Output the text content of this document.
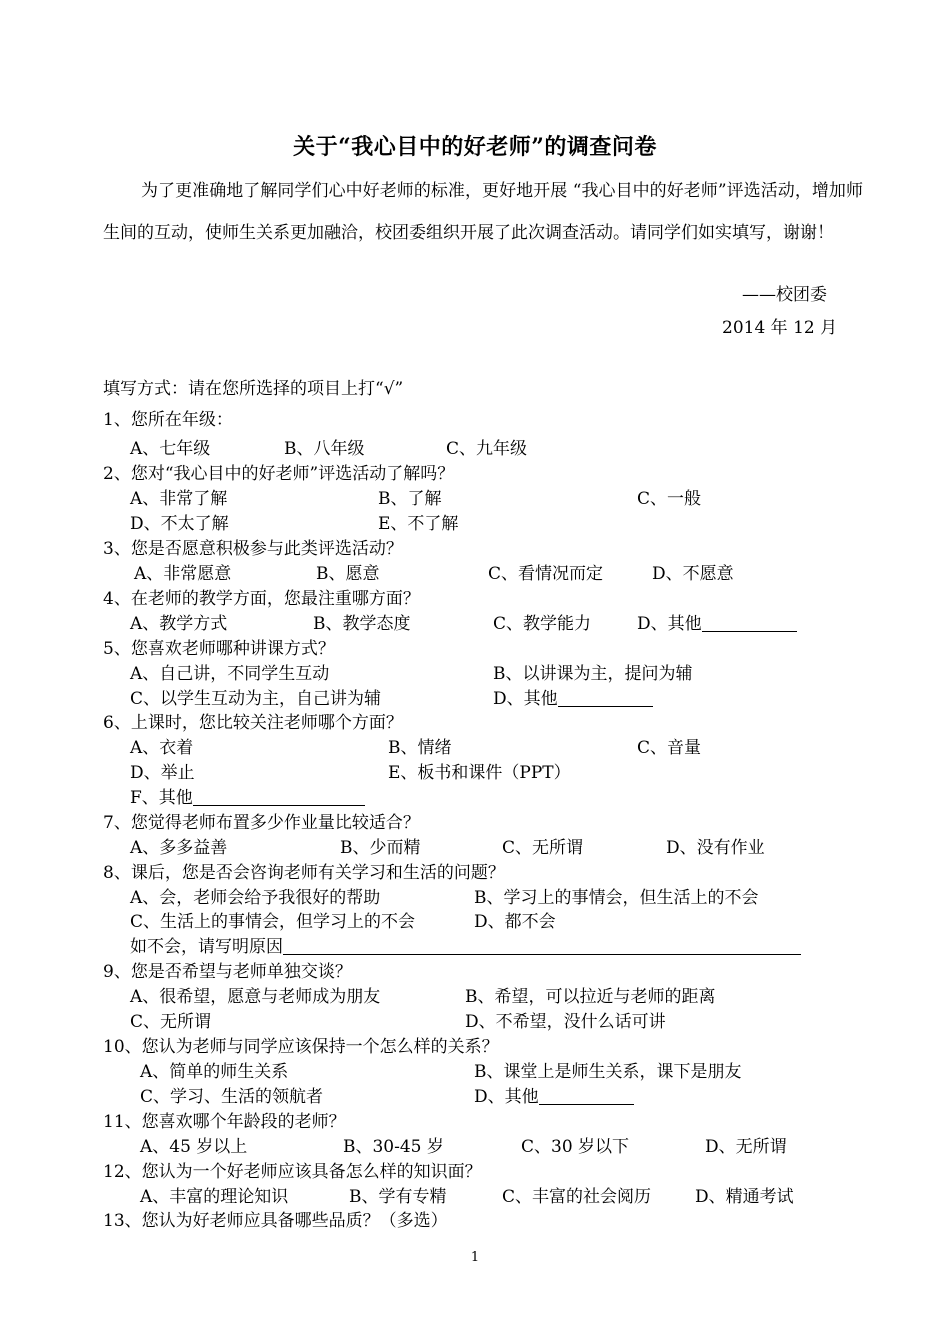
关于“我心目中的好老师”的调查问卷
为了更准确地了解同学们心中好老师的标准，更好地开展 “我心目中的好老师”评选活动，增加师生间的互动，使师生关系更加融洽，校团委组织开展了此次调查活动。请同学们如实填写，谢谢！
——校团委
2014 年 12 月
填写方式：请在您所选择的项目上打“√”
1、您所在年级：
A、七年级	B、八年级	C、九年级
2、您对“我心目中的好老师”评选活动了解吗？
A、非常了解	B、了解	C、一般
D、不太了解	E、不了解
3、您是否愿意积极参与此类评选活动？
A、非常愿意	B、愿意	C、看情况而定	D、不愿意
4、在老师的教学方面，您最注重哪方面？
A、教学方式	B、教学态度	C、教学能力	D、其他
5、您喜欢老师哪种讲课方式？
A、自己讲，不同学生互动	B、以讲课为主，提问为辅
C、以学生互动为主，自己讲为辅	D、其他
6、上课时，您比较关注老师哪个方面？
A、衣着	B、情绪	C、音量
D、举止	E、板书和课件（PPT）
F、其他
7、您觉得老师布置多少作业量比较适合？
A、多多益善	B、少而精	C、无所谓	D、没有作业
8、课后，您是否会咨询老师有关学习和生活的问题？
A、会，老师会给予我很好的帮助	B、学习上的事情会，但生活上的不会
C、生活上的事情会，但学习上的不会	D、都不会
如不会，请写明原因
9、您是否希望与老师单独交谈？
A、很希望，愿意与老师成为朋友	B、希望，可以拉近与老师的距离
C、无所谓	D、不希望，没什么话可讲
10、您认为老师与同学应该保持一个怎么样的关系？
A、简单的师生关系	B、课堂上是师生关系，课下是朋友
C、学习、生活的领航者	D、其他
11、您喜欢哪个年龄段的老师？
A、45 岁以上	B、30-45 岁	C、30 岁以下	D、无所谓
12、您认为一个好老师应该具备怎么样的知识面？
A、丰富的理论知识	B、学有专精	C、丰富的社会阅历	D、精通考试
13、您认为好老师应具备哪些品质？（多选）
1
